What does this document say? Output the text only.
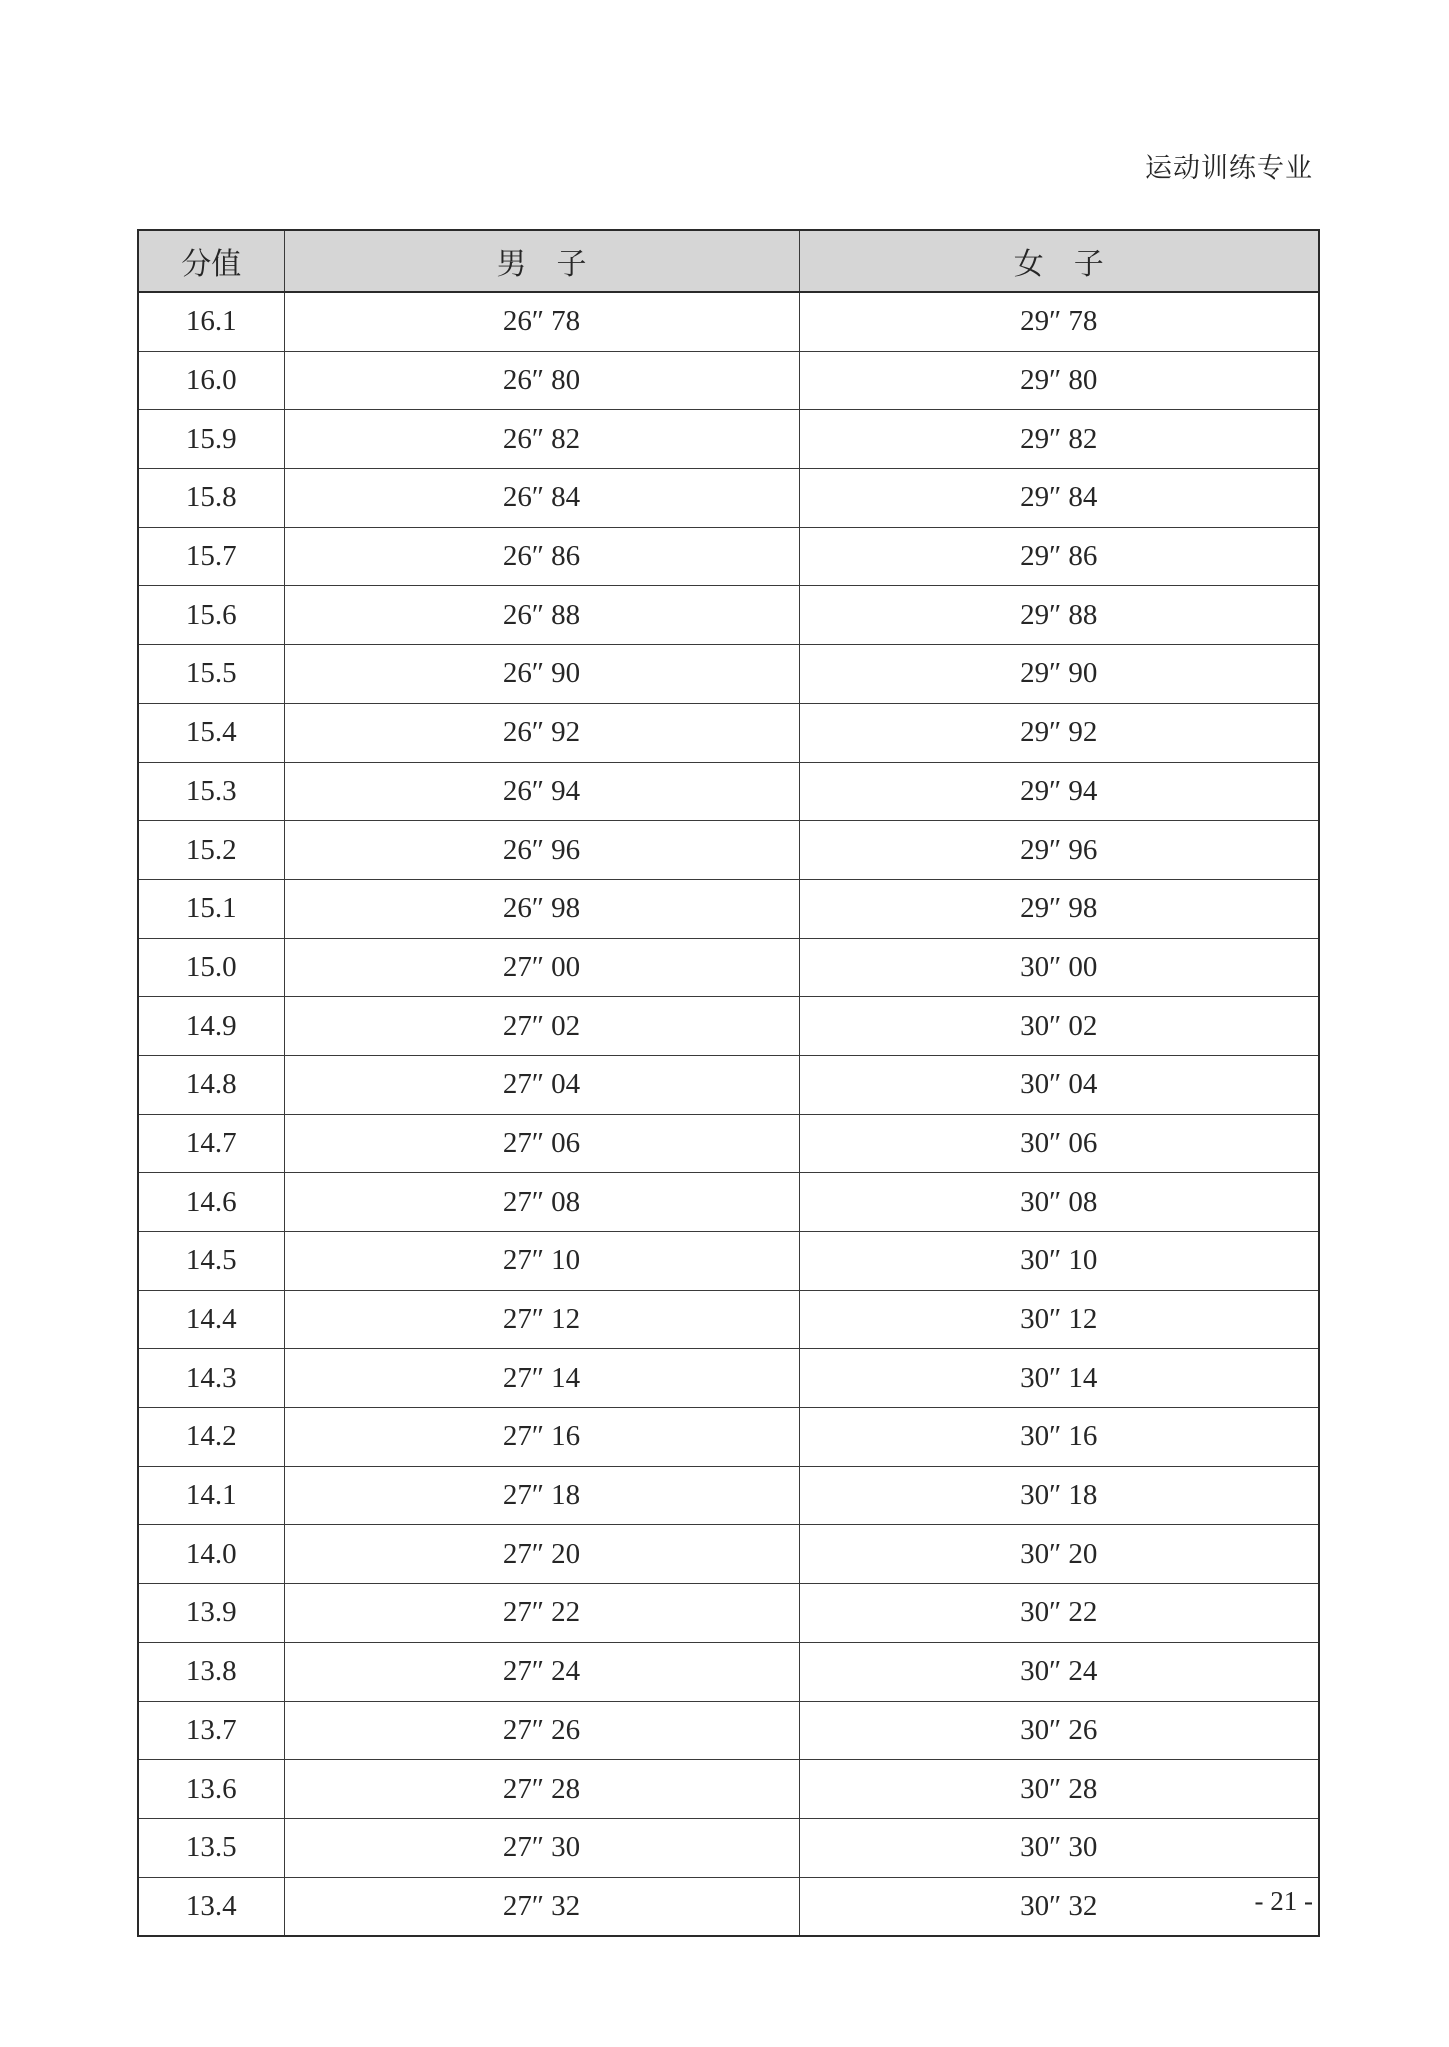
运动训练专业
分值	男　子	女　子
16.1	26″ 78	29″ 78
16.0	26″ 80	29″ 80
15.9	26″ 82	29″ 82
15.8	26″ 84	29″ 84
15.7	26″ 86	29″ 86
15.6	26″ 88	29″ 88
15.5	26″ 90	29″ 90
15.4	26″ 92	29″ 92
15.3	26″ 94	29″ 94
15.2	26″ 96	29″ 96
15.1	26″ 98	29″ 98
15.0	27″ 00	30″ 00
14.9	27″ 02	30″ 02
14.8	27″ 04	30″ 04
14.7	27″ 06	30″ 06
14.6	27″ 08	30″ 08
14.5	27″ 10	30″ 10
14.4	27″ 12	30″ 12
14.3	27″ 14	30″ 14
14.2	27″ 16	30″ 16
14.1	27″ 18	30″ 18
14.0	27″ 20	30″ 20
13.9	27″ 22	30″ 22
13.8	27″ 24	30″ 24
13.7	27″ 26	30″ 26
13.6	27″ 28	30″ 28
13.5	27″ 30	30″ 30
13.4	27″ 32	30″ 32	- 21 -
